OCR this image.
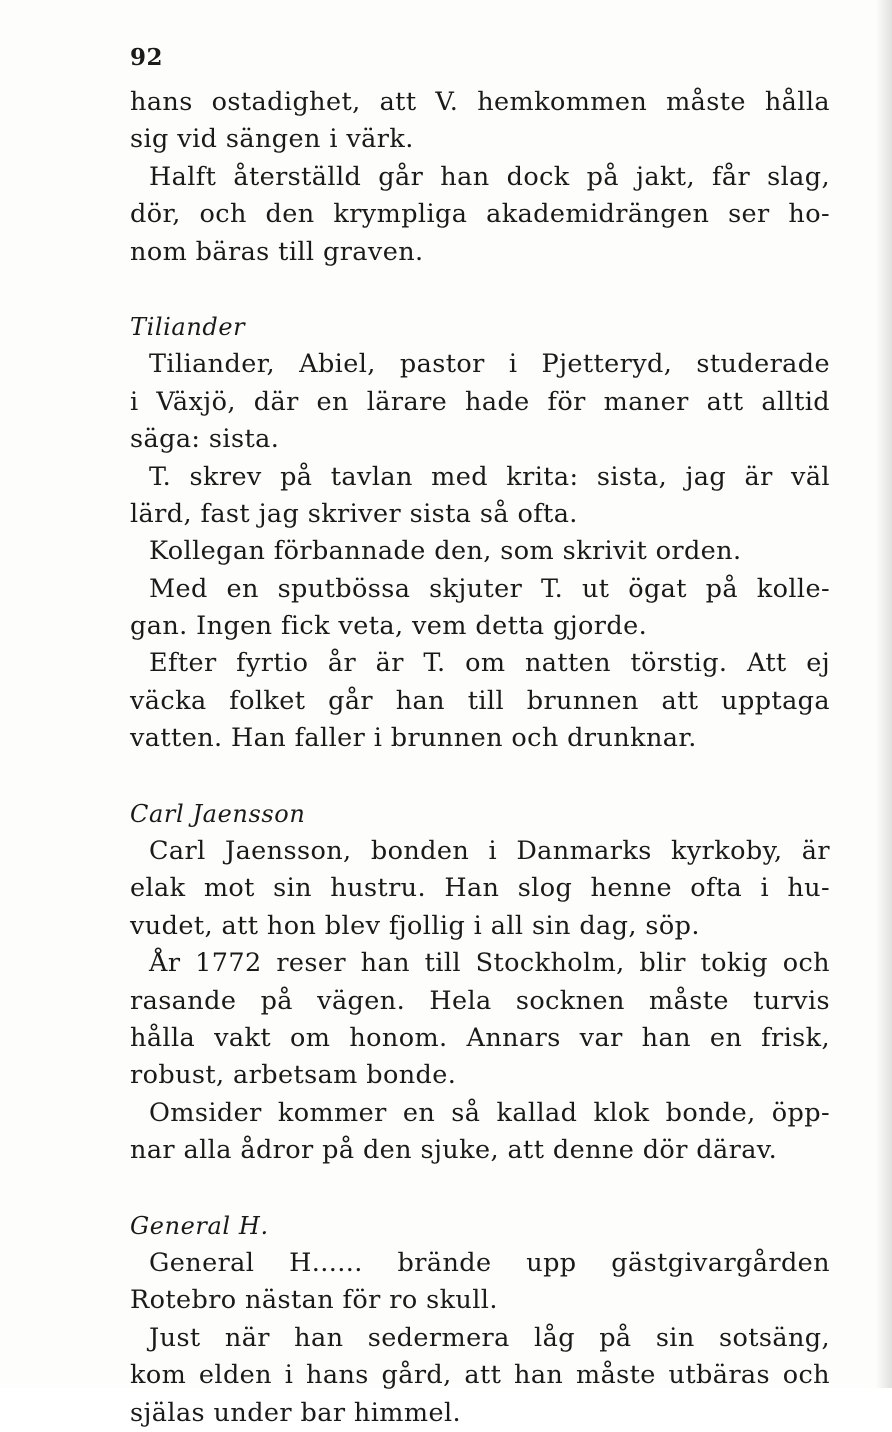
92
hans ostadighet, att V. hemkommen måste hålla
sig vid sängen i värk.
Halft återställd går han dock på jakt, får slag,
dör, och den krympliga akademidrängen ser ho-
nom bäras till graven.
Tiliander
Tiliander, Abiel, pastor i Pjetteryd, studerade
i Växjö, där en lärare hade för maner att alltid
säga: sista.
T. skrev på tavlan med krita: sista, jag är väl
lärd, fast jag skriver sista så ofta.
Kollegan förbannade den, som skrivit orden.
Med en sputbössa skjuter T. ut ögat på kolle-
gan. Ingen fick veta, vem detta gjorde.
Efter fyrtio år är T. om natten törstig. Att ej
väcka folket går han till brunnen att upptaga
vatten. Han faller i brunnen och drunknar.
Carl Jaensson
Carl Jaensson, bonden i Danmarks kyrkoby, är
elak mot sin hustru. Han slog henne ofta i hu-
vudet, att hon blev fjollig i all sin dag, söp.
År 1772 reser han till Stockholm, blir tokig och
rasande på vägen. Hela socknen måste turvis
hålla vakt om honom. Annars var han en frisk,
robust, arbetsam bonde.
Omsider kommer en så kallad klok bonde, öpp-
nar alla ådror på den sjuke, att denne dör därav.
General H.
General H...... brände upp gästgivargården
Rotebro nästan för ro skull.
Just när han sedermera låg på sin sotsäng,
kom elden i hans gård, att han måste utbäras och
själas under bar himmel.
